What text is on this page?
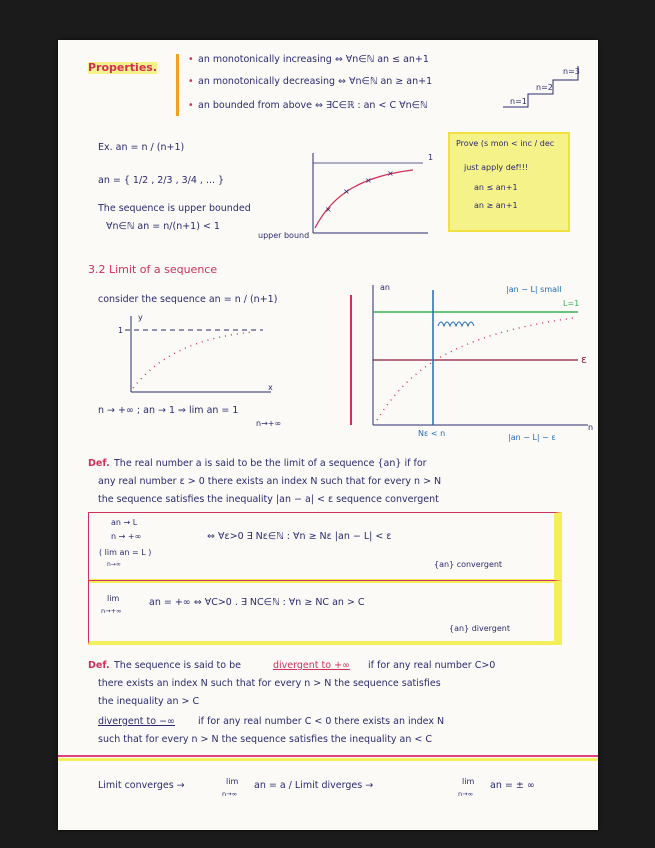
Properties.
• an monotonically increasing ⇔ ∀n∈ℕ an ≤ an+1
• an monotonically decreasing ⇔ ∀n∈ℕ an ≥ an+1
• an bounded from above ⇔ ∃C∈ℝ : an < C ∀n∈ℕ
n=3
n=2
n=1
Ex. an = n / (n+1)
an = { 1/2 , 2/3 , 3/4 , ... }
The sequence is upper bounded
∀n∈ℕ an = n/(n+1) < 1
upper bound
×
×
×
×
1
Prove (s mon < inc / dec
just apply def!!!
an ≤ an+1
an ≥ an+1
3.2 Limit of a sequence
consider the sequence an = n / (n+1)
y
x
1
n → +∞ ; an → 1 ⇒ lim an = 1
n→+∞
an	|an − L| small
L=1
ε
Nε < n
n
|an − L| − ε
Def. The real number a is said to be the limit of a sequence {an} if for
any real number ε > 0 there exists an index N such that for every n > N
the sequence satisfies the inequality |an − a| < ε sequence convergent
an → L
n → +∞
( lim an = L )
n→∞
⇔ ∀ε>0 ∃ Nε∈ℕ : ∀n ≥ Nε |an − L| < ε
{an} convergent
lim
n→+∞
an = +∞ ⇔ ∀C>0 . ∃ NC∈ℕ : ∀n ≥ NC an > C
{an} divergent
Def. The sequence is said to be	divergent to +∞ if for any real number C>0
there exists an index N such that for every n > N the sequence satisfies
the inequality an > C
divergent to −∞ if for any real number C < 0 there exists an index N
such that for every n > N the sequence satisfies the inequality an < C
Limit converges →	lim
n→∞
an = a / Limit diverges →	lim
n→∞
an = ± ∞
